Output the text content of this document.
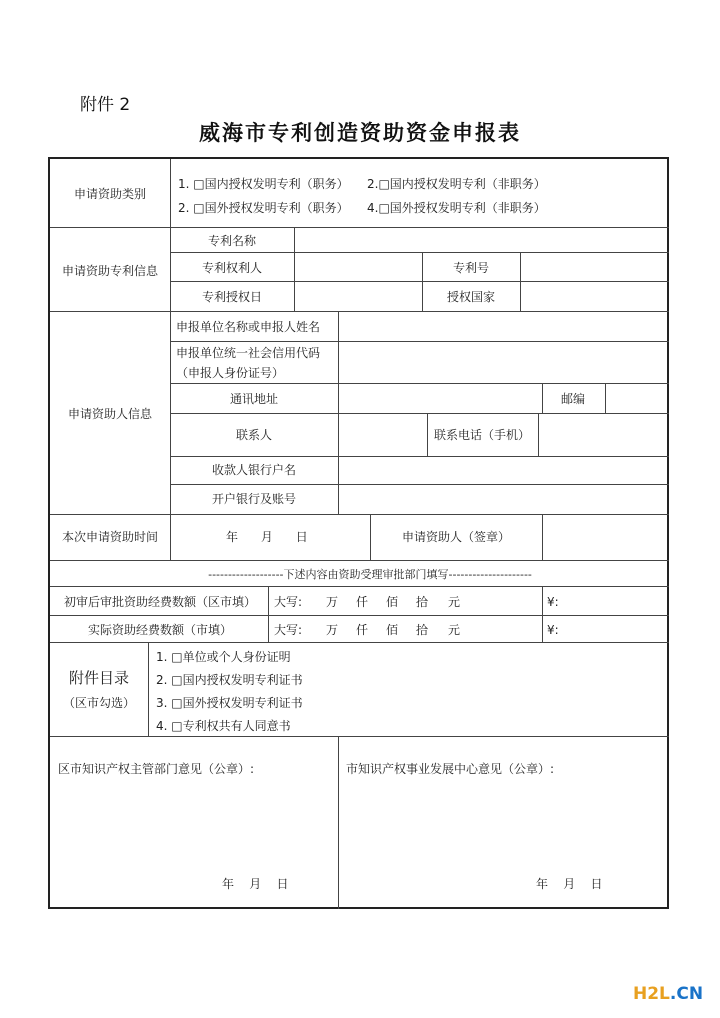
附件 2
威海市专利创造资助资金申报表
申请资助类别
1. □国内授权发明专利（职务） 2.□国内授权发明专利（非职务）
2. □国外授权发明专利（职务） 4.□国外授权发明专利（非职务）
申请资助专利信息
专利名称
专利权利人	专利号
专利授权日	授权国家
申请资助人信息
申报单位名称或申报人姓名
申报单位统一社会信用代码
（申报人身份证号）
通讯地址	邮编
联系人	联系电话（手机）
收款人银行户名
开户银行及账号
本次申请资助时间	年      月      日	申请资助人（签章）
-------------------下述内容由资助受理审批部门填写---------------------
初审后审批资助经费数额（区市填） 大写: 万 仟 佰 拾 元	¥:
实际资助经费数额（市填）	大写: 万 仟 佰 拾 元	¥:
附件目录
（区市勾选）
1. □单位或个人身份证明
2. □国内授权发明专利证书
3. □国外授权发明专利证书
4. □专利权共有人同意书
区市知识产权主管部门意见（公章）:	市知识产权事业发展中心意见（公章）:
年    月    日	年    月    日
H2L.CN
